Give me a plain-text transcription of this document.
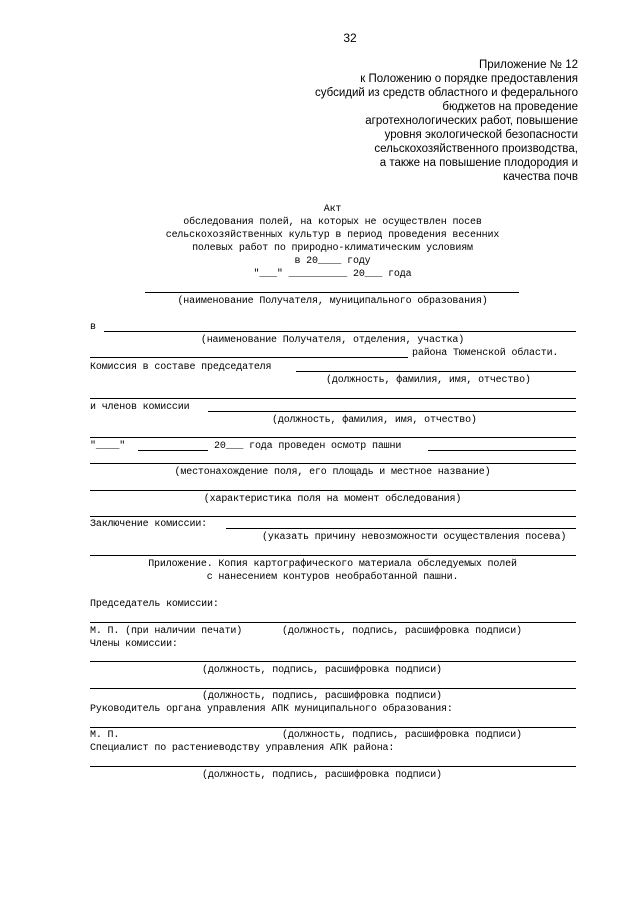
32
Приложение № 12
к Положению о порядке предоставления
субсидий из средств областного и федерального
бюджетов на проведение
агротехнологических работ, повышение
уровня экологической безопасности
сельскохозяйственного производства,
а также на повышение плодородия и
качества почв
Акт
обследования полей, на которых не осуществлен посев
сельскохозяйственных культур в период проведения весенних
полевых работ по природно-климатическим условиям
в 20____ году
"___" __________ 20___ года
(наименование Получателя, муниципального образования)
в
(наименование Получателя, отделения, участка)
района Тюменской области.
Комиссия в составе председателя
(должность, фамилия, имя, отчество)
и членов комиссии
(должность, фамилия, имя, отчество)
"____"	20___ года проведен осмотр пашни
(местонахождение поля, его площадь и местное название)
(характеристика поля на момент обследования)
Заключение комиссии:
(указать причину невозможности осуществления посева)
Приложение. Копия картографического материала обследуемых полей
с нанесением контуров необработанной пашни.
Председатель комиссии:
М. П. (при наличии печати)	(должность, подпись, расшифровка подписи)
Члены комиссии:
(должность, подпись, расшифровка подписи)
(должность, подпись, расшифровка подписи)
Руководитель органа управления АПК муниципального образования:
М. П.	(должность, подпись, расшифровка подписи)
Специалист по растениеводству управления АПК района:
(должность, подпись, расшифровка подписи)
